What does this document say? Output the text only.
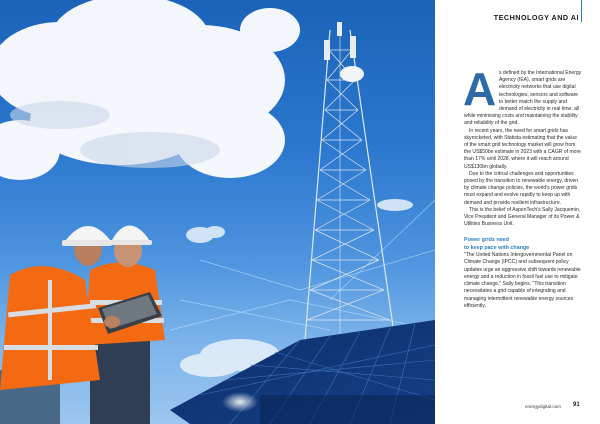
TECHNOLOGY AND AI
A s defined by the International Energy Agency (IEA), smart grids are electricity networks that use digital technologies, sensors and software to better match the supply and demand of electricity in real time, all while minimising costs and maintaining the stability and reliability of the grid.

In recent years, the need for smart grids has skyrocketed, with Statista estimating that the value of the smart grid technology market will grow from the US$50bn estimate in 2023 with a CAGR of more than 17% until 2028, where it will reach around US$130bn globally.

Due to the critical challenges and opportunities posed by the transition to renewable energy, driven by climate change policies, the world's power grids must expand and evolve rapidly to keep up with demand and provide resilient infrastructure.

This is the belief of AspenTech's Sally Jacquemin, Vice President and General Manager of its Power & Utilities Business Unit.

Power grids need
to keep pace with change

"The United Nations Intergovernmental Panel on Climate Change (IPCC) and subsequent policy updates urge an aggressive shift towards renewable energy and a reduction in fossil fuel use to mitigate climate change," Sally begins. "This transition necessitates a grid capable of integrating and managing intermittent renewable energy sources efficiently.

energydigital.com 91
